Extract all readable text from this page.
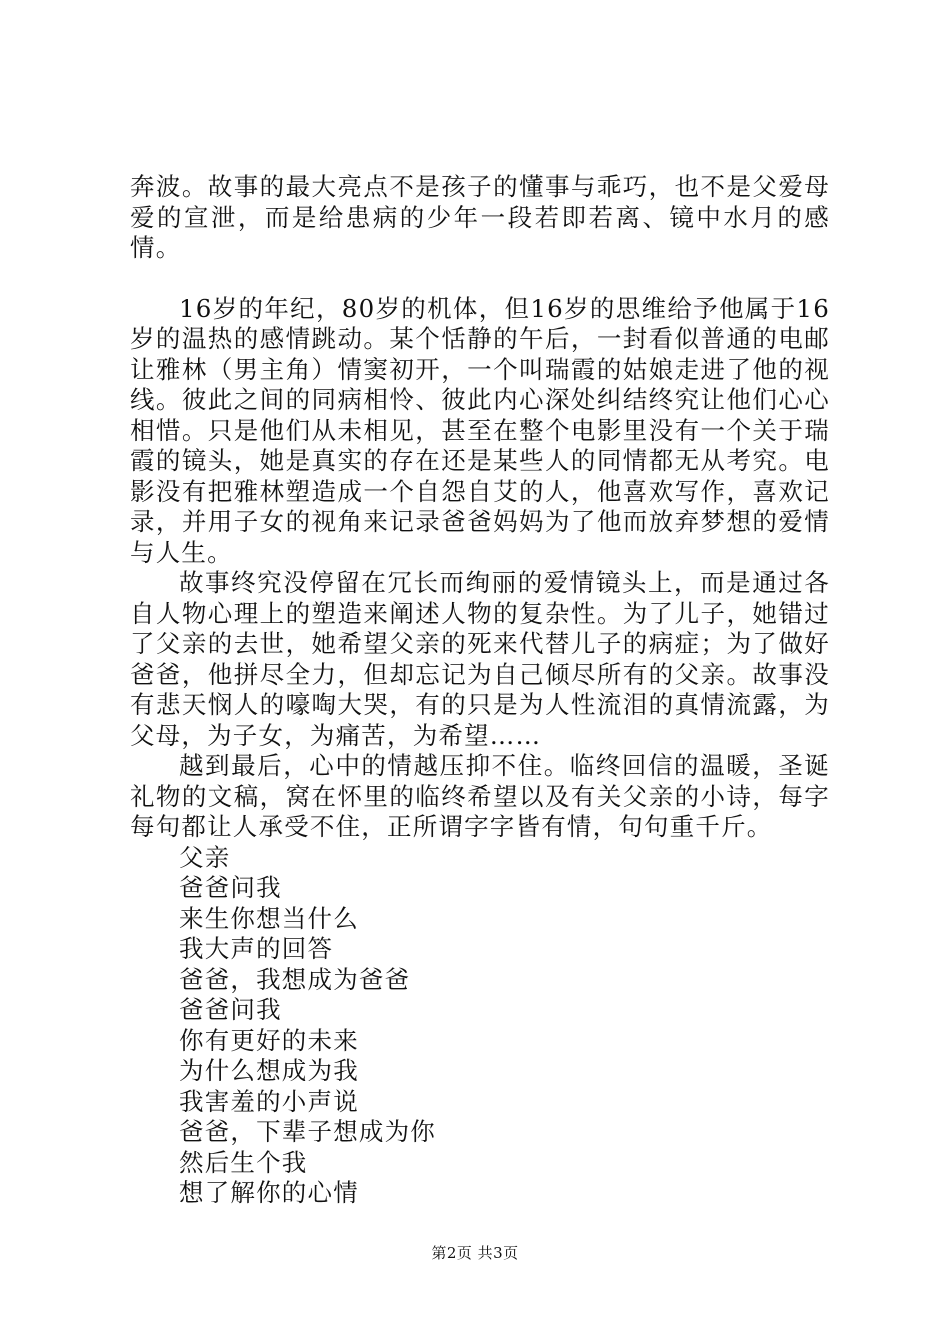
奔波。故事的最大亮点不是孩子的懂事与乖巧，也不是父爱母爱的宣泄，而是给患病的少年一段若即若离、镜中水月的感情。

16岁的年纪，80岁的机体，但16岁的思维给予他属于16岁的温热的感情跳动。某个恬静的午后，一封看似普通的电邮让雅林（男主角）情窦初开，一个叫瑞霞的姑娘走进了他的视线。彼此之间的同病相怜、彼此内心深处纠结终究让他们心心相惜。只是他们从未相见，甚至在整个电影里没有一个关于瑞霞的镜头，她是真实的存在还是某些人的同情都无从考究。电影没有把雅林塑造成一个自怨自艾的人，他喜欢写作，喜欢记录，并用子女的视角来记录爸爸妈妈为了他而放弃梦想的爱情与人生。

故事终究没停留在冗长而绚丽的爱情镜头上，而是通过各自人物心理上的塑造来阐述人物的复杂性。为了儿子，她错过了父亲的去世，她希望父亲的死来代替儿子的病症；为了做好爸爸，他拼尽全力，但却忘记为自己倾尽所有的父亲。故事没有悲天悯人的嚎啕大哭，有的只是为人性流泪的真情流露，为父母，为子女，为痛苦，为希望……

越到最后，心中的情越压抑不住。临终回信的温暖，圣诞礼物的文稿，窝在怀里的临终希望以及有关父亲的小诗，每字每句都让人承受不住，正所谓字字皆有情，句句重千斤。

父亲

爸爸问我

来生你想当什么

我大声的回答

爸爸，我想成为爸爸

爸爸问我

你有更好的未来

为什么想成为我

我害羞的小声说

爸爸，下辈子想成为你

然后生个我

想了解你的心情

第2页 共3页
